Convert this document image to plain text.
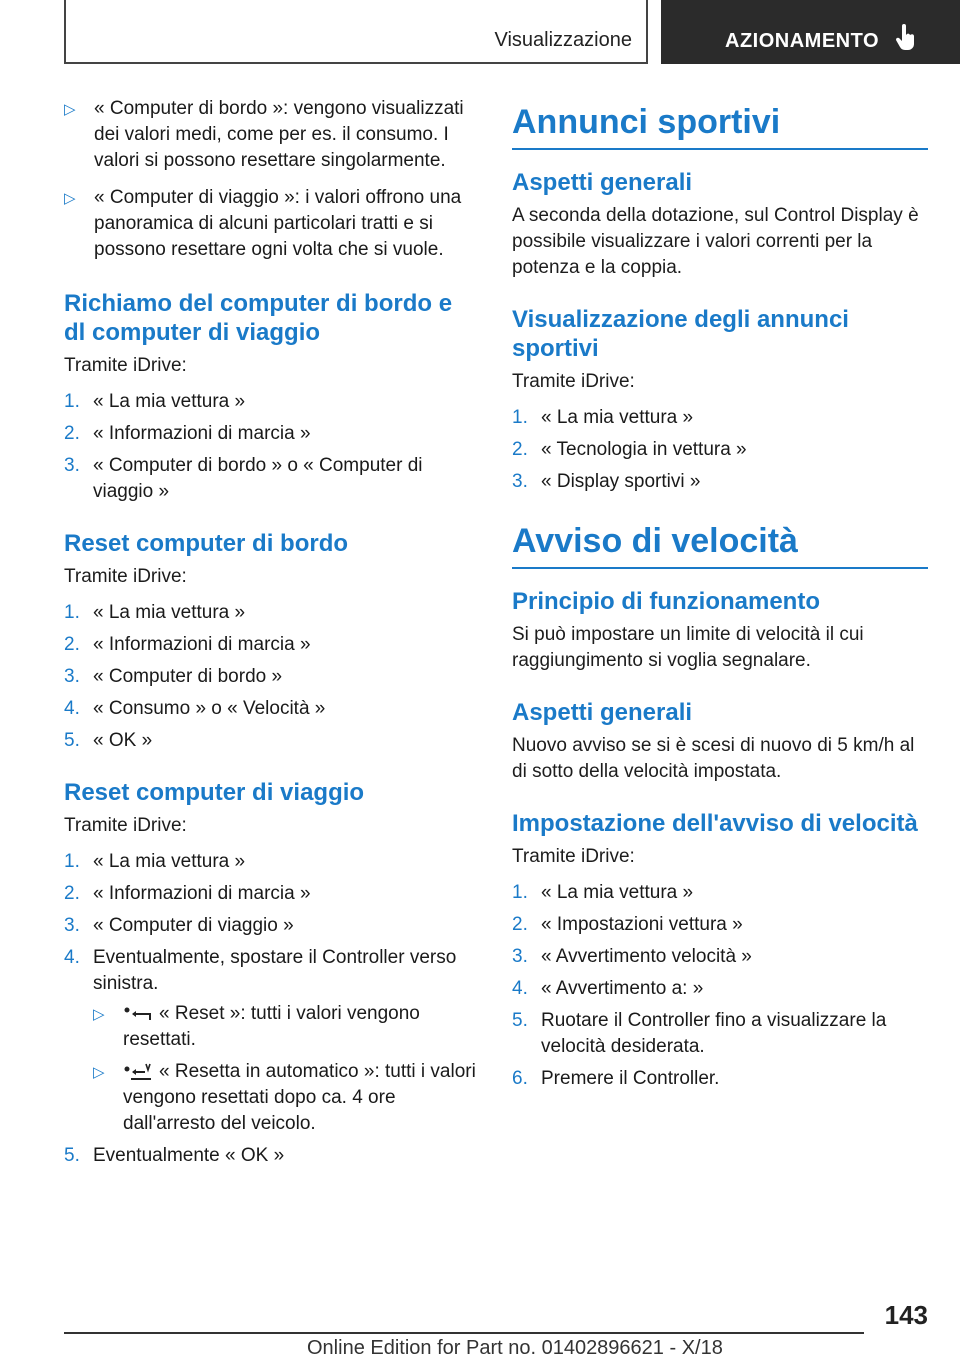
Visualizzazione	AZIONAMENTO
▷ « Computer di bordo »: vengono visualizzati dei valori medi, come per es. il consumo. I valori si possono resettare singolarmente.
▷ « Computer di viaggio »: i valori offrono una panoramica di alcuni particolari tratti e si possono resettare ogni volta che si vuole.
Richiamo del computer di bordo e dl computer di viaggio

Tramite iDrive:

1. « La mia vettura »
2. « Informazioni di marcia »
3. « Computer di bordo » o « Computer di viaggio »
Reset computer di bordo

Tramite iDrive:

1. « La mia vettura »
2. « Informazioni di marcia »
3. « Computer di bordo »
4. « Consumo » o « Velocità »
5. « OK »
Reset computer di viaggio

Tramite iDrive:

1. « La mia vettura »
2. « Informazioni di marcia »
3. « Computer di viaggio »
4. Eventualmente, spostare il Controller verso sinistra.
▷	« Reset »: tutti i valori vengono resettati.
▷	« Resetta in automatico »: tutti i valori vengono resettati dopo ca. 4 ore dall'arresto del veicolo.
5. Eventualmente « OK »
Annunci sportivi
Aspetti generali

A seconda della dotazione, sul Control Display è possibile visualizzare i valori correnti per la potenza e la coppia.

Visualizzazione degli annunci sportivi

Tramite iDrive:

1. « La mia vettura »
2. « Tecnologia in vettura »
3. « Display sportivi »
Avviso di velocità
Principio di funzionamento

Si può impostare un limite di velocità il cui raggiungimento si voglia segnalare.

Aspetti generali

Nuovo avviso se si è scesi di nuovo di 5 km/h al di sotto della velocità impostata.

Impostazione dell'avviso di velocità

Tramite iDrive:

1. « La mia vettura »
2. « Impostazioni vettura »
3. « Avvertimento velocità »
4. « Avvertimento a: »
5. Ruotare il Controller fino a visualizzare la velocità desiderata.
6. Premere il Controller.
143
Online Edition for Part no. 01402896621 - X/18
